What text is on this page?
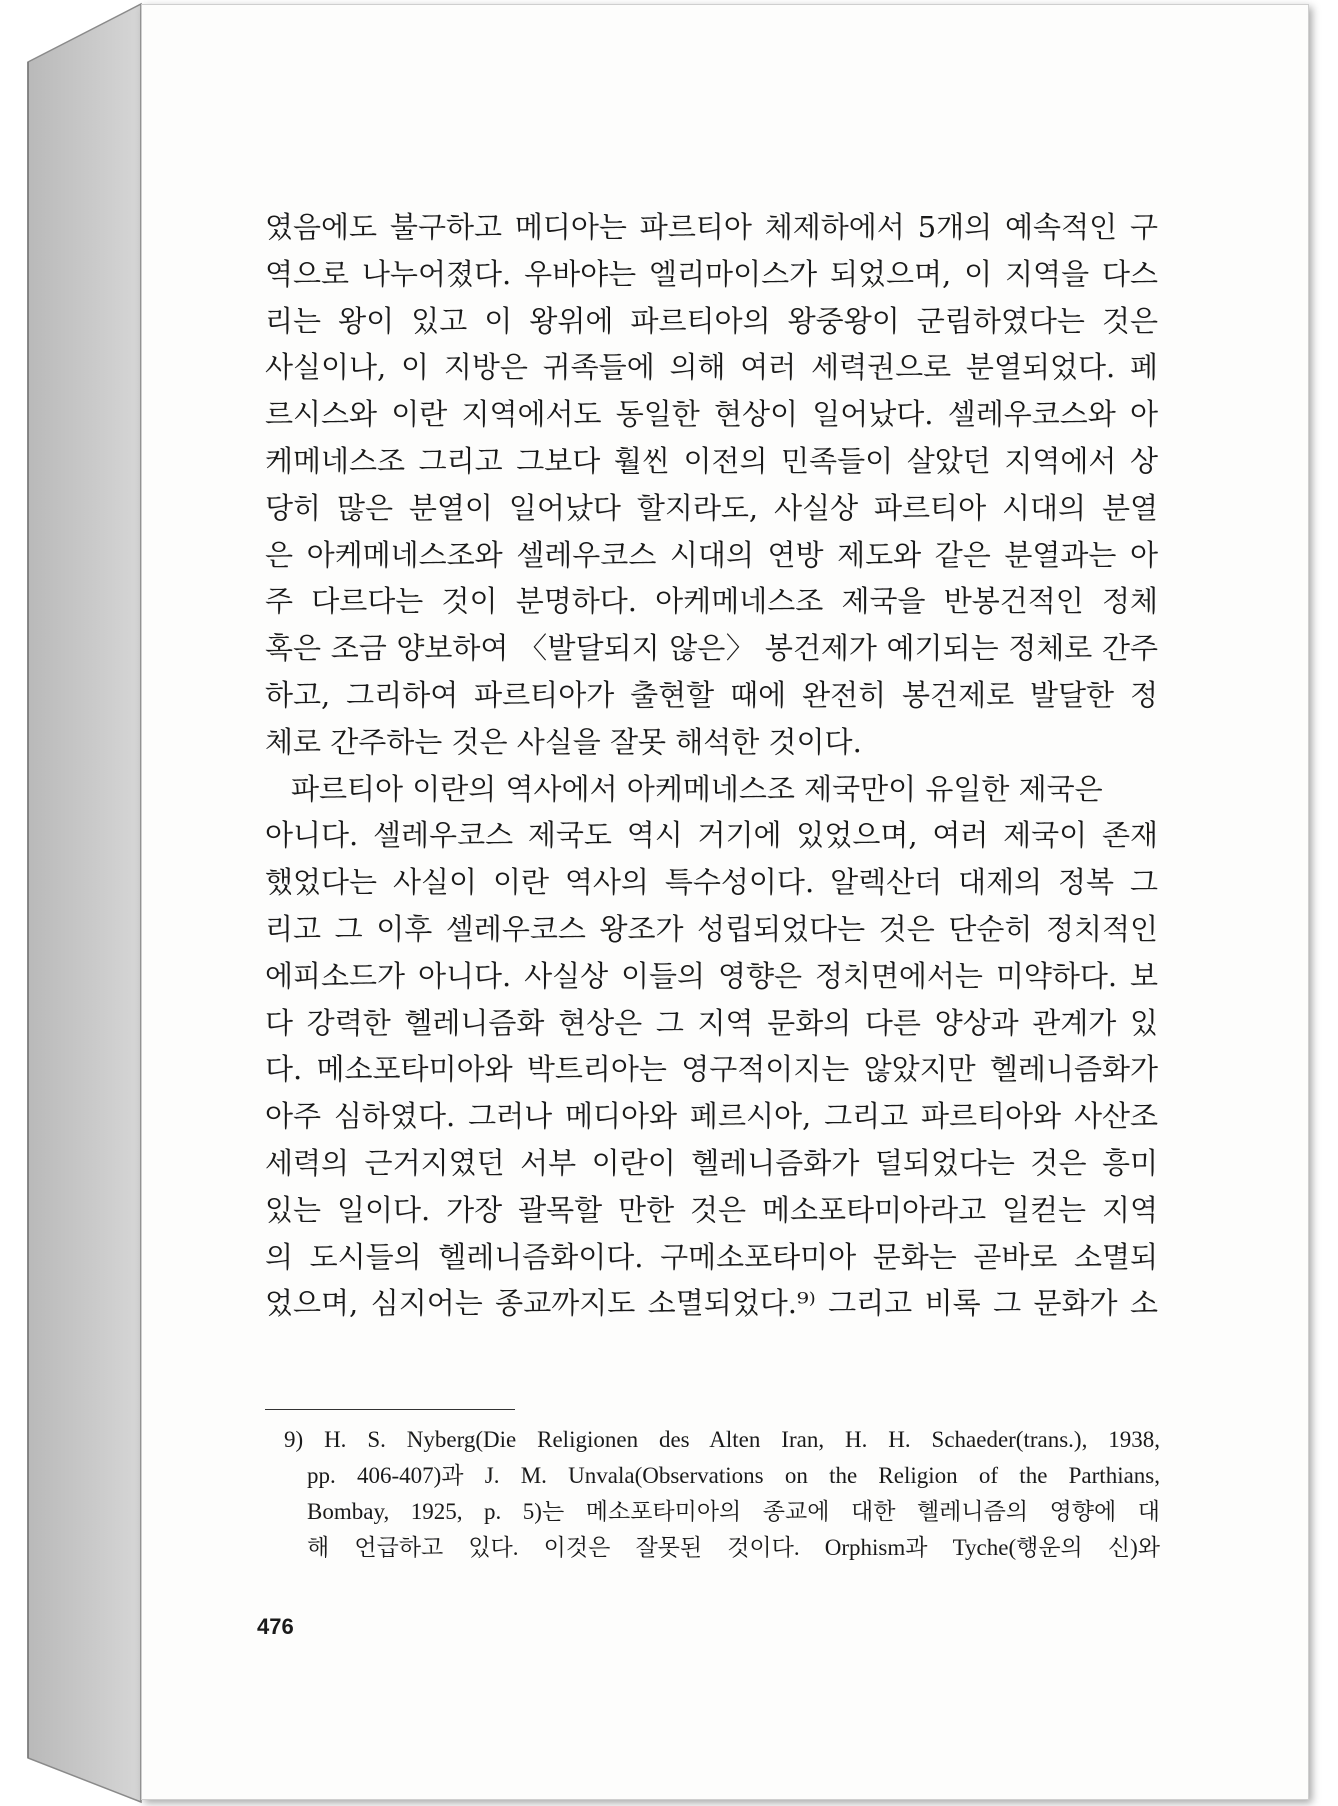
였음에도 불구하고 메디아는 파르티아 체제하에서 5개의 예속적인 구
역으로 나누어졌다. 우바야는 엘리마이스가 되었으며, 이 지역을 다스
리는 왕이 있고 이 왕위에 파르티아의 왕중왕이 군림하였다는 것은
사실이나, 이 지방은 귀족들에 의해 여러 세력권으로 분열되었다. 페
르시스와 이란 지역에서도 동일한 현상이 일어났다. 셀레우코스와 아
케메네스조 그리고 그보다 훨씬 이전의 민족들이 살았던 지역에서 상
당히 많은 분열이 일어났다 할지라도, 사실상 파르티아 시대의 분열
은 아케메네스조와 셀레우코스 시대의 연방 제도와 같은 분열과는 아
주 다르다는 것이 분명하다. 아케메네스조 제국을 반봉건적인 정체
혹은 조금 양보하여 〈발달되지 않은〉 봉건제가 예기되는 정체로 간주
하고, 그리하여 파르티아가 출현할 때에 완전히 봉건제로 발달한 정
체로 간주하는 것은 사실을 잘못 해석한 것이다.
파르티아 이란의 역사에서 아케메네스조 제국만이 유일한 제국은
아니다. 셀레우코스 제국도 역시 거기에 있었으며, 여러 제국이 존재
했었다는 사실이 이란 역사의 특수성이다. 알렉산더 대제의 정복 그
리고 그 이후 셀레우코스 왕조가 성립되었다는 것은 단순히 정치적인
에피소드가 아니다. 사실상 이들의 영향은 정치면에서는 미약하다. 보
다 강력한 헬레니즘화 현상은 그 지역 문화의 다른 양상과 관계가 있
다. 메소포타미아와 박트리아는 영구적이지는 않았지만 헬레니즘화가
아주 심하였다. 그러나 메디아와 페르시아, 그리고 파르티아와 사산조
세력의 근거지였던 서부 이란이 헬레니즘화가 덜되었다는 것은 흥미
있는 일이다. 가장 괄목할 만한 것은 메소포타미아라고 일컫는 지역
의 도시들의 헬레니즘화이다. 구메소포타미아 문화는 곧바로 소멸되
었으며, 심지어는 종교까지도 소멸되었다.⁹⁾ 그리고 비록 그 문화가 소
9) H. S. Nyberg(Die Religionen des Alten Iran, H. H. Schaeder(trans.), 1938,
pp. 406‑407)과 J. M. Unvala(Observations on the Religion of the Parthians,
Bombay, 1925, p. 5)는 메소포타미아의 종교에 대한 헬레니즘의 영향에 대
해 언급하고 있다. 이것은 잘못된 것이다. Orphism과 Tyche(행운의 신)와
476
